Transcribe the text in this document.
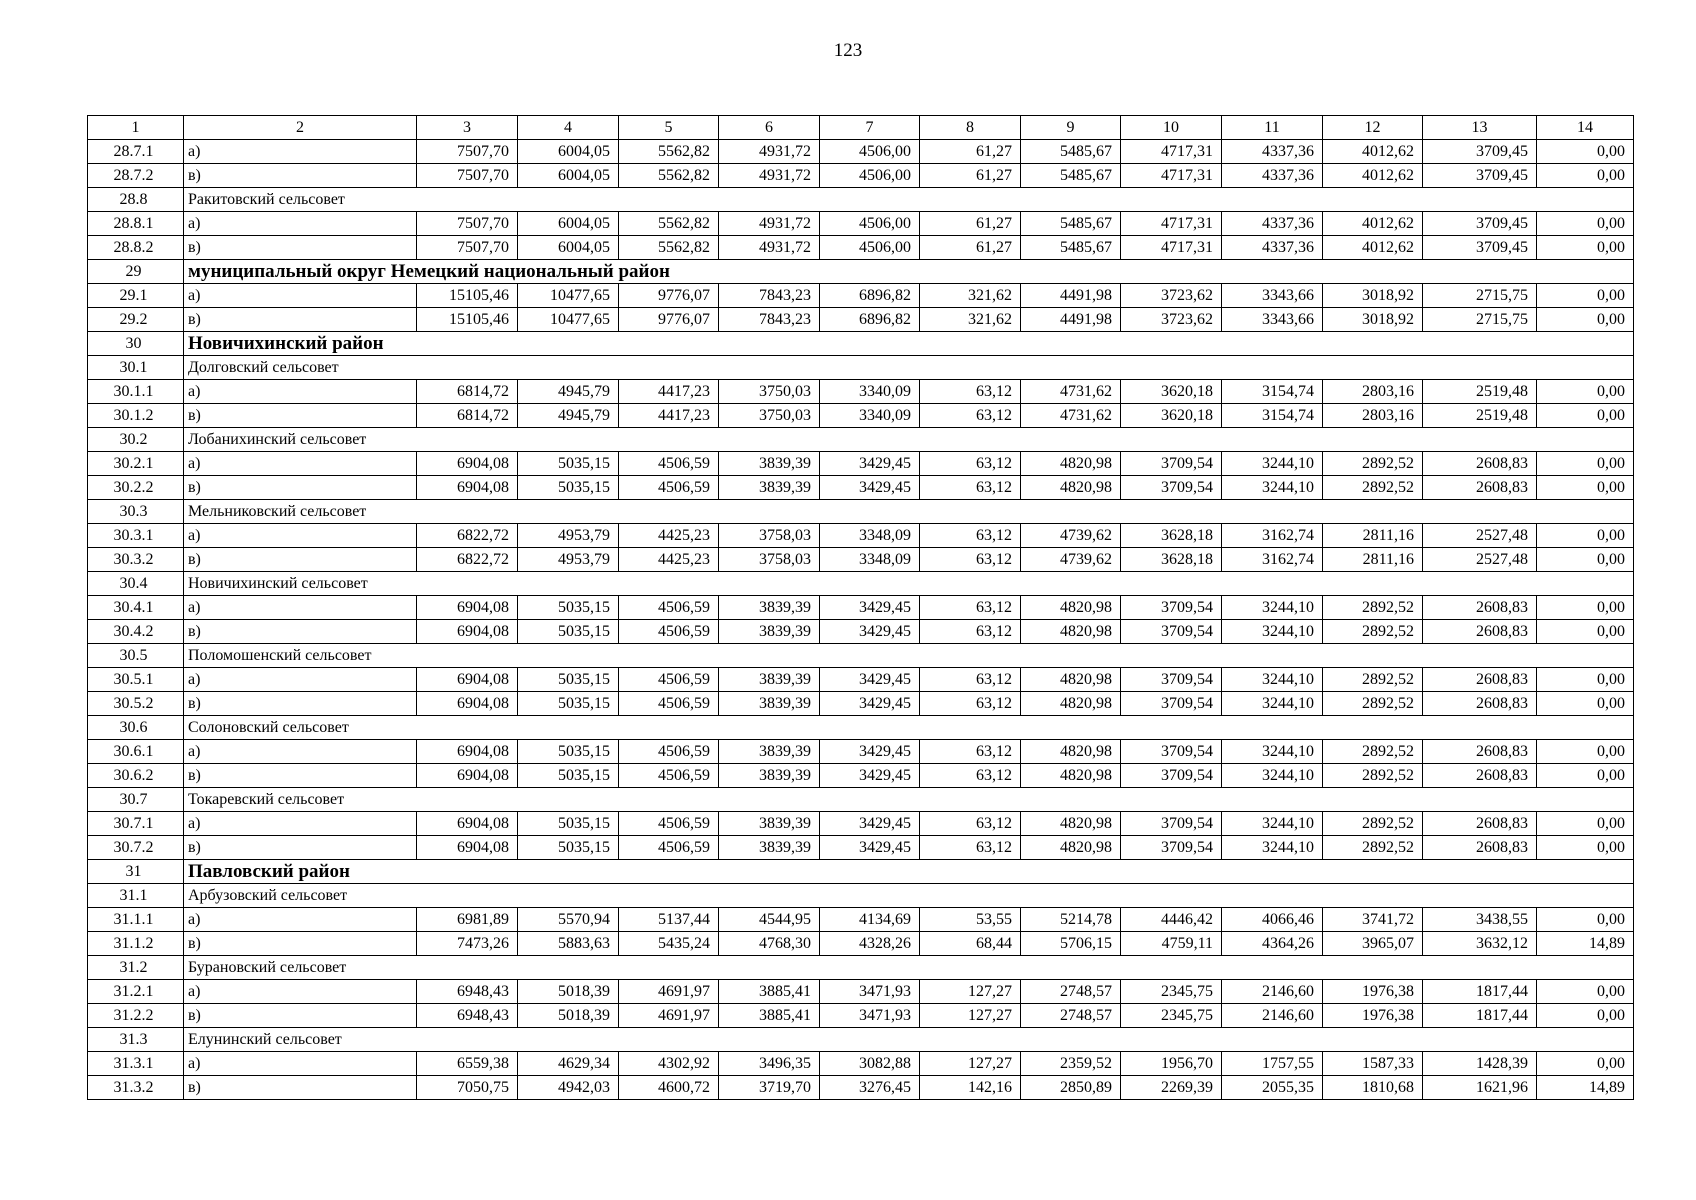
123
1	2	3	4	5	6	7	8	9	10	11	12	13	14
28.7.1	а)	7507,70	6004,05	5562,82	4931,72	4506,00	61,27	5485,67	4717,31	4337,36	4012,62	3709,45	0,00
28.7.2	в)	7507,70	6004,05	5562,82	4931,72	4506,00	61,27	5485,67	4717,31	4337,36	4012,62	3709,45	0,00
28.8	Ракитовский сельсовет												
28.8.1	а)	7507,70	6004,05	5562,82	4931,72	4506,00	61,27	5485,67	4717,31	4337,36	4012,62	3709,45	0,00
28.8.2	в)	7507,70	6004,05	5562,82	4931,72	4506,00	61,27	5485,67	4717,31	4337,36	4012,62	3709,45	0,00
29	муниципальный округ Немецкий национальный район												
29.1	а)	15105,46	10477,65	9776,07	7843,23	6896,82	321,62	4491,98	3723,62	3343,66	3018,92	2715,75	0,00
29.2	в)	15105,46	10477,65	9776,07	7843,23	6896,82	321,62	4491,98	3723,62	3343,66	3018,92	2715,75	0,00
30	Новичихинский район												
30.1	Долговский сельсовет												
30.1.1	а)	6814,72	4945,79	4417,23	3750,03	3340,09	63,12	4731,62	3620,18	3154,74	2803,16	2519,48	0,00
30.1.2	в)	6814,72	4945,79	4417,23	3750,03	3340,09	63,12	4731,62	3620,18	3154,74	2803,16	2519,48	0,00
30.2	Лобанихинский сельсовет												
30.2.1	а)	6904,08	5035,15	4506,59	3839,39	3429,45	63,12	4820,98	3709,54	3244,10	2892,52	2608,83	0,00
30.2.2	в)	6904,08	5035,15	4506,59	3839,39	3429,45	63,12	4820,98	3709,54	3244,10	2892,52	2608,83	0,00
30.3	Мельниковский сельсовет												
30.3.1	а)	6822,72	4953,79	4425,23	3758,03	3348,09	63,12	4739,62	3628,18	3162,74	2811,16	2527,48	0,00
30.3.2	в)	6822,72	4953,79	4425,23	3758,03	3348,09	63,12	4739,62	3628,18	3162,74	2811,16	2527,48	0,00
30.4	Новичихинский сельсовет												
30.4.1	а)	6904,08	5035,15	4506,59	3839,39	3429,45	63,12	4820,98	3709,54	3244,10	2892,52	2608,83	0,00
30.4.2	в)	6904,08	5035,15	4506,59	3839,39	3429,45	63,12	4820,98	3709,54	3244,10	2892,52	2608,83	0,00
30.5	Поломошенский сельсовет												
30.5.1	а)	6904,08	5035,15	4506,59	3839,39	3429,45	63,12	4820,98	3709,54	3244,10	2892,52	2608,83	0,00
30.5.2	в)	6904,08	5035,15	4506,59	3839,39	3429,45	63,12	4820,98	3709,54	3244,10	2892,52	2608,83	0,00
30.6	Солоновский сельсовет												
30.6.1	а)	6904,08	5035,15	4506,59	3839,39	3429,45	63,12	4820,98	3709,54	3244,10	2892,52	2608,83	0,00
30.6.2	в)	6904,08	5035,15	4506,59	3839,39	3429,45	63,12	4820,98	3709,54	3244,10	2892,52	2608,83	0,00
30.7	Токаревский сельсовет												
30.7.1	а)	6904,08	5035,15	4506,59	3839,39	3429,45	63,12	4820,98	3709,54	3244,10	2892,52	2608,83	0,00
30.7.2	в)	6904,08	5035,15	4506,59	3839,39	3429,45	63,12	4820,98	3709,54	3244,10	2892,52	2608,83	0,00
31	Павловский район												
31.1	Арбузовский сельсовет												
31.1.1	а)	6981,89	5570,94	5137,44	4544,95	4134,69	53,55	5214,78	4446,42	4066,46	3741,72	3438,55	0,00
31.1.2	в)	7473,26	5883,63	5435,24	4768,30	4328,26	68,44	5706,15	4759,11	4364,26	3965,07	3632,12	14,89
31.2	Бурановский сельсовет												
31.2.1	а)	6948,43	5018,39	4691,97	3885,41	3471,93	127,27	2748,57	2345,75	2146,60	1976,38	1817,44	0,00
31.2.2	в)	6948,43	5018,39	4691,97	3885,41	3471,93	127,27	2748,57	2345,75	2146,60	1976,38	1817,44	0,00
31.3	Елунинский сельсовет												
31.3.1	а)	6559,38	4629,34	4302,92	3496,35	3082,88	127,27	2359,52	1956,70	1757,55	1587,33	1428,39	0,00
31.3.2	в)	7050,75	4942,03	4600,72	3719,70	3276,45	142,16	2850,89	2269,39	2055,35	1810,68	1621,96	14,89
